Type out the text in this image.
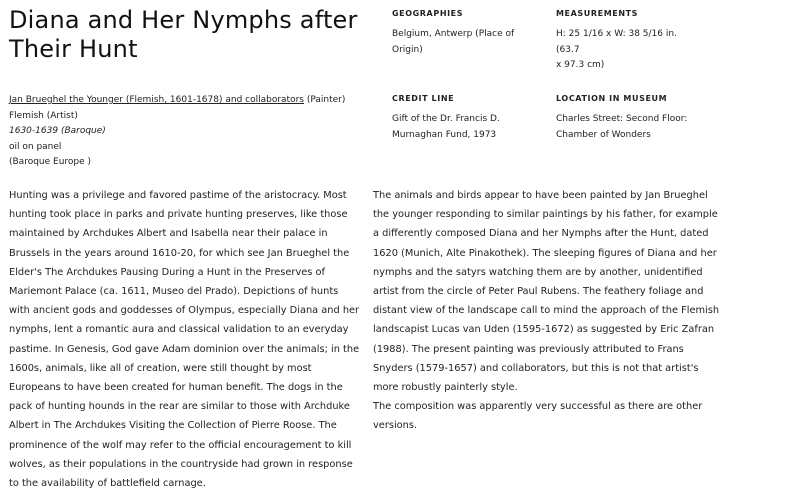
Diana and Her Nymphs after Their Hunt
GEOGRAPHIES
Belgium, Antwerp (Place of
Origin)
MEASUREMENTS
H: 25 1/16 x W: 38 5/16 in. (63.7
x 97.3 cm)
CREDIT LINE
Gift of the Dr. Francis D.
Murnaghan Fund, 1973
LOCATION IN MUSEUM
Charles Street: Second Floor:
Chamber of Wonders
Jan Brueghel the Younger (Flemish, 1601-1678) and collaborators (Painter)
Flemish (Artist)
1630-1639 (Baroque)
oil on panel
(Baroque Europe )

Hunting was a privilege and favored pastime of the aristocracy. Most hunting took place in parks and private hunting preserves, like those maintained by Archdukes Albert and Isabella near their palace in Brussels in the years around 1610-20, for which see Jan Brueghel the Elder's The Archdukes Pausing During a Hunt in the Preserves of Mariemont Palace (ca. 1611, Museo del Prado). Depictions of hunts with ancient gods and goddesses of Olympus, especially Diana and her nymphs, lent a romantic aura and classical validation to an everyday pastime. In Genesis, God gave Adam dominion over the animals; in the 1600s, animals, like all of creation, were still thought by most Europeans to have been created for human benefit. The dogs in the pack of hunting hounds in the rear are similar to those with Archduke Albert in The Archdukes Visiting the Collection of Pierre Roose. The prominence of the wolf may refer to the official encouragement to kill wolves, as their populations in the countryside had grown in response to the availability of battlefield carnage.

The animals and birds appear to have been painted by Jan Brueghel the younger responding to similar paintings by his father, for example a differently composed Diana and her Nymphs after the Hunt, dated 1620 (Munich, Alte Pinakothek). The sleeping figures of Diana and her nymphs and the satyrs watching them are by another, unidentified artist from the circle of Peter Paul Rubens. The feathery foliage and distant view of the landscape call to mind the approach of the Flemish landscapist Lucas van Uden (1595-1672) as suggested by Eric Zafran (1988). The present painting was previously attributed to Frans Snyders (1579-1657) and collaborators, but this is not that artist's more robustly painterly style.

The composition was apparently very successful as there are other versions.
